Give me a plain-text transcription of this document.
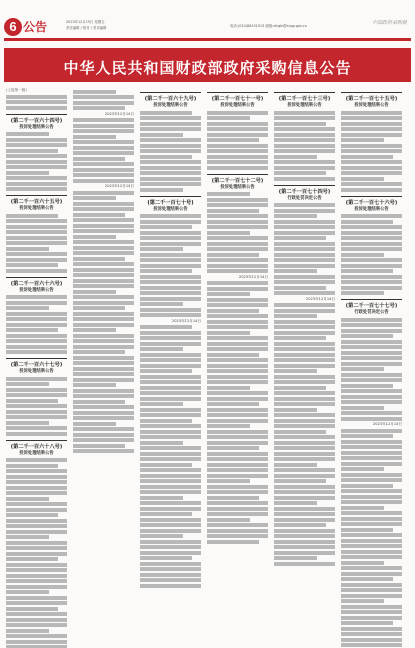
6 公告	2023年12月15日 星期五
责任编辑 / 校对 / 美术编辑	电话:(010)88191913 邮箱:zfcgbl@ccgp.gov.cn	中国政府采购报
中华人民共和国财政部政府采购信息公告
(上接第一版)
(第二千一百六十四号)
投诉处理结果公告
(第二千一百六十五号)
投诉处理结果公告
(第二千一百六十六号)
投诉处理结果公告
(第二千一百六十七号)
投诉处理结果公告
(第二千一百六十八号)
投诉处理结果公告
2023年12月14日
2023年12月14日
(第二千一百六十九号)
投诉处理结果公告
(第二千一百七十号)
投诉处理结果公告
2023年12月14日
(第二千一百七十一号)
投诉处理结果公告
(第二千一百七十二号)
投诉处理结果公告
2023年12月14日
(第二千一百七十三号)
投诉处理结果公告
(第二千一百七十四号)
行政处罚决定公告
2023年12月14日
(第二千一百七十五号)
投诉处理结果公告
(第二千一百七十六号)
投诉处理结果公告
(第二千一百七十七号)
行政处罚决定公告
2023年12月14日
